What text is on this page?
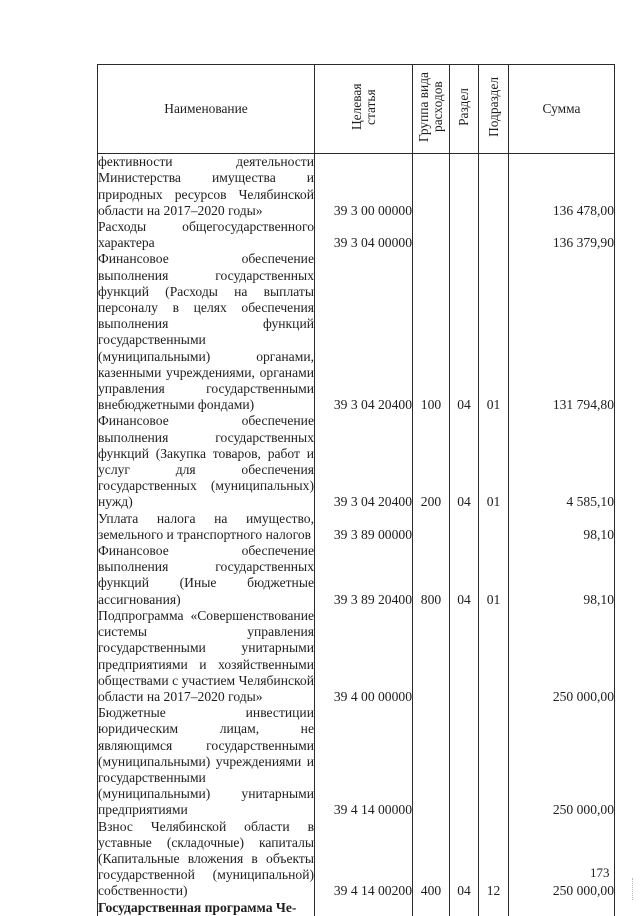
Наименование	Целевая статья	Группа вида расходов	Раздел	Подраздел	Сумма

фективности деятельности Министерства имущества и природных ресурсов Челябинской области на 2017–2020 годы»	39 3 00 00000				136 478,00

Расходы общегосударственного характера	39 3 04 00000				136 379,90

Финансовое обеспечение выполнения государственных функций (Расходы на выплаты персоналу в целях обеспечения выполнения функций государственными (муниципальными) органами, казенными учреждениями, органами управления государственными внебюджетными фондами)	39 3 04 20400	100	04	01	131 794,80

Финансовое обеспечение выполнения государственных функций (Закупка товаров, работ и услуг для обеспечения государственных (муниципальных) нужд)	39 3 04 20400	200	04	01	4 585,10

Уплата налога на имущество, земельного и транспортного налогов	39 3 89 00000				98,10

Финансовое обеспечение выполнения государственных функций (Иные бюджетные ассигнования)	39 3 89 20400	800	04	01	98,10

Подпрограмма «Совершенствование системы управления государственными унитарными предприятиями и хозяйственными обществами с участием Челябинской области на 2017–2020 годы»	39 4 00 00000				250 000,00

Бюджетные инвестиции юридическим лицам, не являющимся государственными (муниципальными) учреждениями и государственными (муниципальными) унитарными предприятиями	39 4 14 00000				250 000,00

Взнос Челябинской области в уставные (складочные) капиталы (Капитальные вложения в объекты государственной (муниципальной) собственности)	39 4 14 00200	400	04	12	250 000,00

Государственная программа Че-					

173
